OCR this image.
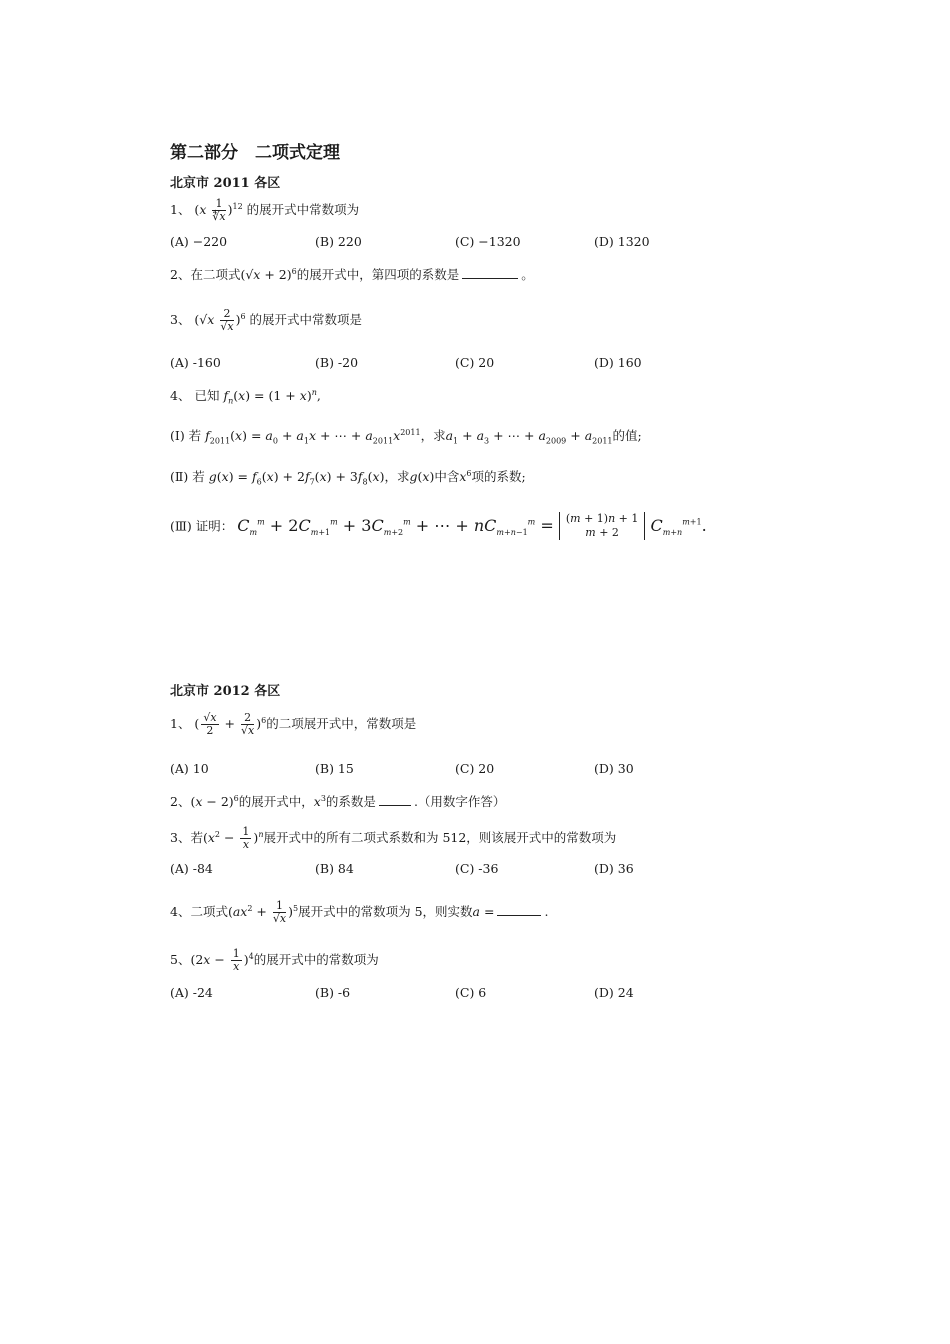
第二部分　二项式定理
北京市 2011 各区
1、 $(x \frac{1}{∜x} )^{12}$ 的展开式中常数项为
(A) −220	(B) 220	(C) −1320	(D) 1320
2、在二项式$(√x + 2)^6$的展开式中，第四项的系数是	。
3、 $(√x \frac{2}{√x} )^6$ 的展开式中常数项是
(A) -160	(B) -20	(C) 20	(D) 160
4、 已知 $f_n(x) = (1 + x)^n$,
(Ⅰ) 若 $f_{2011}(x) = a_0 + a_1x$ + ⋯ + $a_{2011}x^{2011}$，求$a_1 + a_3$ + ⋯ + $a_{2009} + a_{2011}$的值;
(Ⅱ) 若 $g(x) = f_6(x) + 2f_7(x) + 3f_8(x)$，求g(x)中含$x^6$项的系数;
(Ⅲ) 证明： $C_m^m + 2C_{m+1}^m + 3C_{m+2}^m$ + ⋯ + $nC_{m+n-1}^m = (m + 1)n + 1$
m + 2 $C_{m+n}^{m+1}$.
北京市 2012 各区
1、 ( $\frac{√x}{2} + \frac{2}{√x} )^6$的二项展开式中，常数项是
(A) 10	(B) 15	(C) 20	(D) 30
2、$(x - 2)^6$的展开式中，$x^3$的系数是	.（用数字作答）
3、若$(x^2 - \frac{1}{x} )^n$展开式中的所有二项式系数和为 512，则该展开式中的常数项为
(A) -84	(B) 84	(C) -36	(D) 36
4、二项式$(ax^2 + \frac{1}{√x} )^5$展开式中的常数项为 5，则实数a =	.
5、$(2x - \frac{1}{x} )^4$的展开式中的常数项为
(A) -24	(B) -6	(C) 6	(D) 24
